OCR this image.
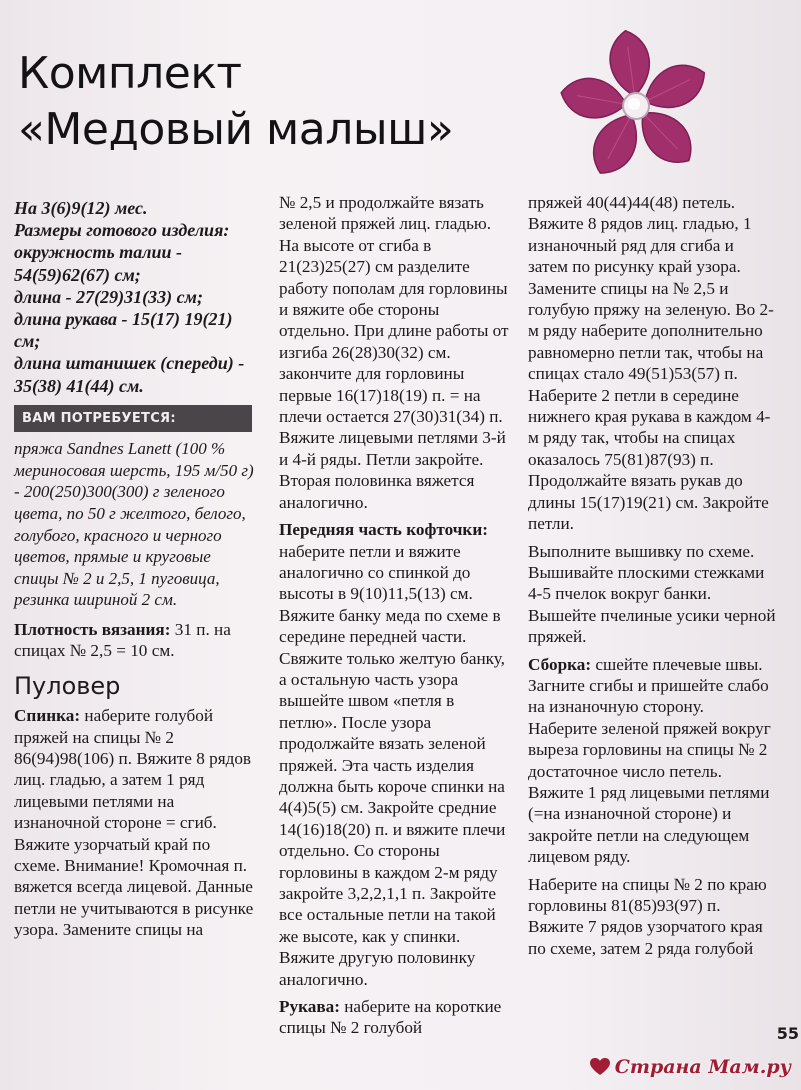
Комплект
«Медовый малыш»
На 3(6)9(12) мес.
Размеры готового изделия:
окружность талии - 54(59)62(67) см;
длина - 27(29)31(33) см;
длина рукава - 15(17) 19(21) см;
длина штанишек (спереди) - 35(38) 41(44) см.
ВАМ ПОТРЕБУЕТСЯ:
пряжа Sandnes Lanett (100 % мериносовая шерсть, 195 м/50 г) - 200(250)300(300) г зеленого цвета, по 50 г желтого, белого, голубого, красного и черного цветов, прямые и круговые спицы № 2 и 2,5, 1 пуговица, резинка шириной 2 см.

Плотность вязания: 31 п. на спицах № 2,5 = 10 см.

Пуловер

Спинка: наберите голубой пряжей на спицы № 2 86(94)98(106) п. Вяжите 8 рядов лиц. гладью, а затем 1 ряд лицевыми петлями на изнаночной стороне = сгиб. Вяжите узорчатый край по схеме. Внимание! Кромочная п. вяжется всегда лицевой. Данные петли не учитываются в рисунке узора. Замените спицы на

№ 2,5 и продолжайте вязать зеленой пряжей лиц. гладью. На высоте от сгиба в 21(23)25(27) см разделите работу пополам для горловины и вяжите обе стороны отдельно. При длине работы от изгиба 26(28)30(32) см. закончите для горловины первые 16(17)18(19) п. = на плечи остается 27(30)31(34) п. Вяжите лицевыми петлями 3-й и 4-й ряды. Петли закройте. Вторая половинка вяжется аналогично.

Передняя часть кофточки: наберите петли и вяжите аналогично со спинкой до высоты в 9(10)11,5(13) см. Вяжите банку меда по схеме в середине передней части. Свяжите только желтую банку, а остальную часть узора вышейте швом «петля в петлю». После узора продолжайте вязать зеленой пряжей. Эта часть изделия должна быть короче спинки на 4(4)5(5) см. Закройте средние 14(16)18(20) п. и вяжите плечи отдельно. Со стороны горловины в каждом 2-м ряду закройте 3,2,2,1,1 п. Закройте все остальные петли на такой же высоте, как у спинки. Вяжите другую половинку аналогично.

Рукава: наберите на короткие спицы № 2 голубой

пряжей 40(44)44(48) петель. Вяжите 8 рядов лиц. гладью, 1 изнаночный ряд для сгиба и затем по рисунку край узора. Замените спицы на № 2,5 и голубую пряжу на зеленую. Во 2-м ряду наберите дополнительно равномерно петли так, чтобы на спицах стало 49(51)53(57) п. Наберите 2 петли в середине нижнего края рукава в каждом 4-м ряду так, чтобы на спицах оказалось 75(81)87(93) п. Продолжайте вязать рукав до длины 15(17)19(21) см. Закройте петли.

Выполните вышивку по схеме. Вышивайте плоскими стежками 4-5 пчелок вокруг банки. Вышейте пчелиные усики черной пряжей.

Сборка: сшейте плечевые швы. Загните сгибы и пришейте слабо на изнаночную сторону. Наберите зеленой пряжей вокруг выреза горловины на спицы № 2 достаточное число петель. Вяжите 1 ряд лицевыми петлями (=на изнаночной стороне) и закройте петли на следующем лицевом ряду.

Наберите на спицы № 2 по краю горловины 81(85)93(97) п. Вяжите 7 рядов узорчатого края по схеме, затем 2 ряда голубой

55
Страна Мам.ру
